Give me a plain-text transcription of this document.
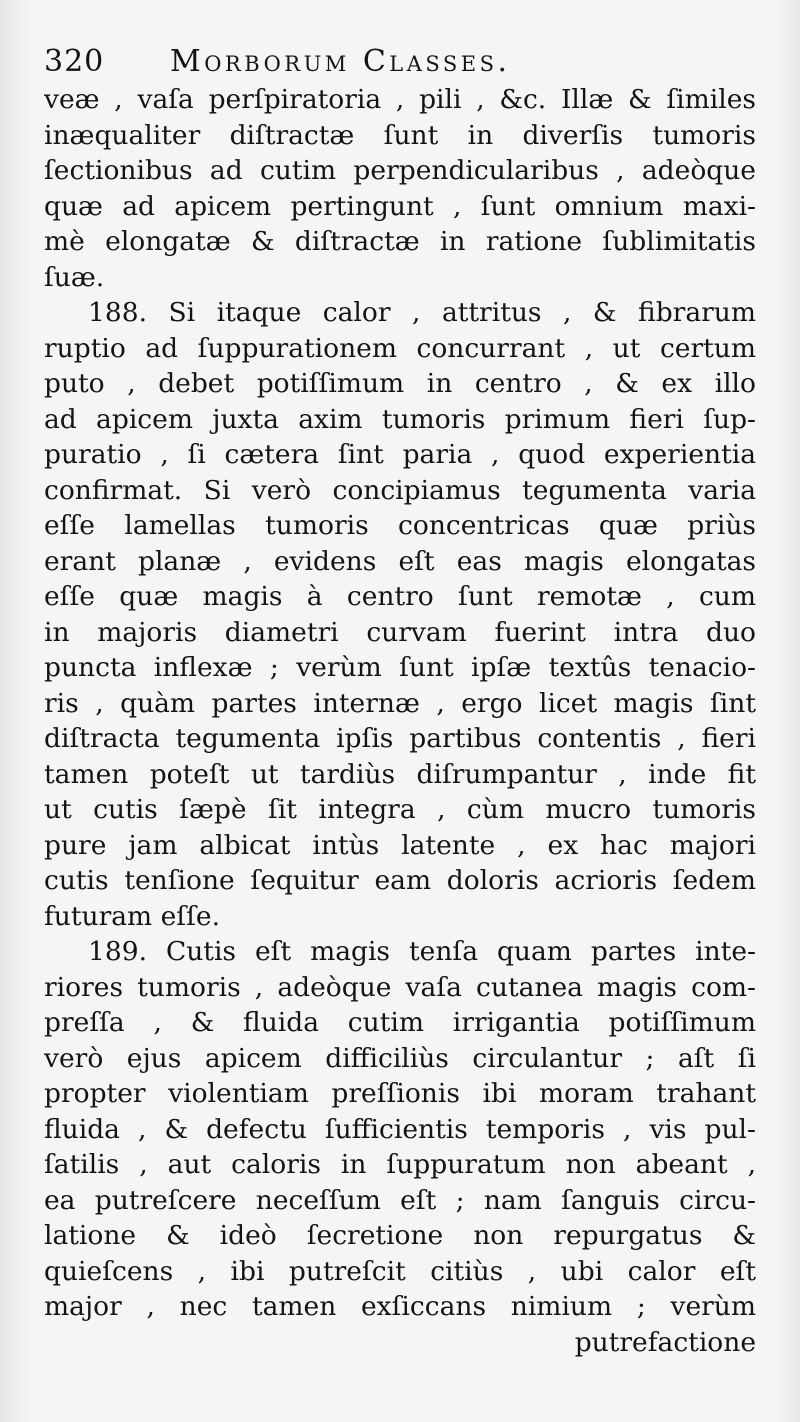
320 Morborum Classes.
veæ , vaſa perſpiratoria , pili , &c. Illæ & ſimiles
inæqualiter diſtractæ ſunt in diverſis tumoris
ſectionibus ad cutim perpendicularibus , adeòque
quæ ad apicem pertingunt , ſunt omnium maxi-
mè elongatæ & diſtractæ in ratione ſublimitatis
ſuæ.
188. Si itaque calor , attritus , & fibrarum
ruptio ad ſuppurationem concurrant , ut certum
puto , debet potiſſimum in centro , & ex illo
ad apicem juxta axim tumoris primum fieri ſup-
puratio , ſi cætera ſint paria , quod experientia
confirmat. Si verò concipiamus tegumenta varia
eſſe lamellas tumoris concentricas quæ priùs
erant planæ , evidens eſt eas magis elongatas
eſſe quæ magis à centro ſunt remotæ , cum
in majoris diametri curvam fuerint intra duo
puncta inflexæ ; verùm ſunt ipſæ textûs tenacio-
ris , quàm partes internæ , ergo licet magis ſint
diſtracta tegumenta ipſis partibus contentis , fieri
tamen poteſt ut tardiùs diſrumpantur , inde fit
ut cutis ſæpè ſit integra , cùm mucro tumoris
pure jam albicat intùs latente , ex hac majori
cutis tenſione ſequitur eam doloris acrioris ſedem
futuram eſſe.
189. Cutis eſt magis tenſa quam partes inte-
riores tumoris , adeòque vaſa cutanea magis com-
preſſa , & fluida cutim irrigantia potiſſimum
verò ejus apicem difficiliùs circulantur ; aſt ſi
propter violentiam preſſionis ibi moram trahant
fluida , & defectu ſufficientis temporis , vis pul-
ſatilis , aut caloris in ſuppuratum non abeant ,
ea putreſcere neceſſum eſt ; nam ſanguis circu-
latione & ideò ſecretione non repurgatus &
quieſcens , ibi putreſcit citiùs , ubi calor eſt
major , nec tamen exſiccans nimium ; verùm
putrefactione
